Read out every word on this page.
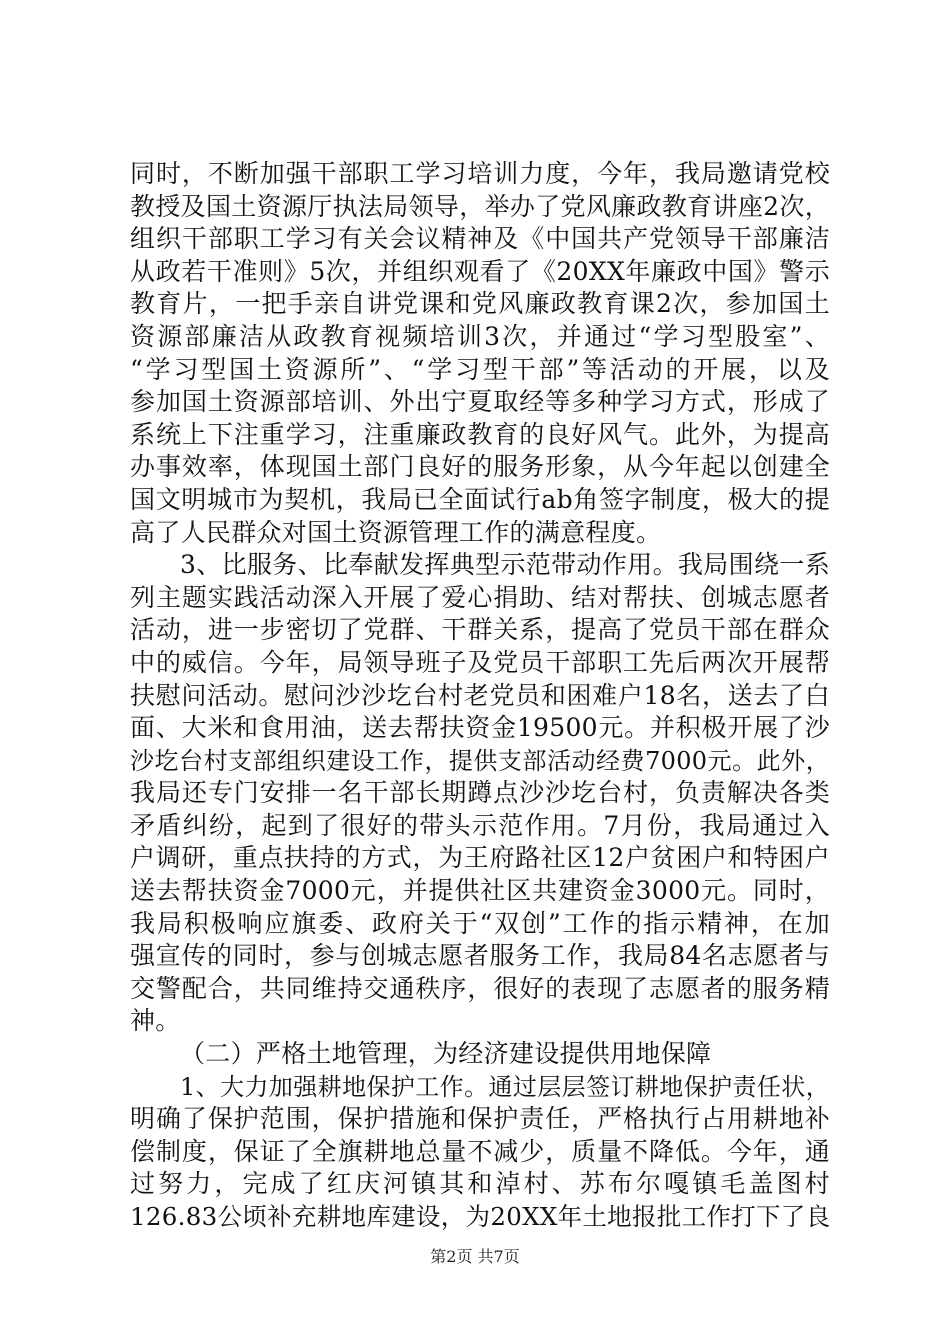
同时，不断加强干部职工学习培训力度，今年，我局邀请党校
教授及国土资源厅执法局领导，举办了党风廉政教育讲座2次，
组织干部职工学习有关会议精神及《中国共产党领导干部廉洁
从政若干准则》5次，并组织观看了《20XX年廉政中国》警示
教育片，一把手亲自讲党课和党风廉政教育课2次，参加国土
资源部廉洁从政教育视频培训3次，并通过“学习型股室”、
“学习型国土资源所”、“学习型干部”等活动的开展，以及
参加国土资源部培训、外出宁夏取经等多种学习方式，形成了
系统上下注重学习，注重廉政教育的良好风气。此外，为提高
办事效率，体现国土部门良好的服务形象，从今年起以创建全
国文明城市为契机，我局已全面试行ab角签字制度，极大的提
高了人民群众对国土资源管理工作的满意程度。
3、比服务、比奉献发挥典型示范带动作用。我局围绕一系
列主题实践活动深入开展了爱心捐助、结对帮扶、创城志愿者
活动，进一步密切了党群、干群关系，提高了党员干部在群众
中的威信。今年，局领导班子及党员干部职工先后两次开展帮
扶慰问活动。慰问沙沙圪台村老党员和困难户18名，送去了白
面、大米和食用油，送去帮扶资金19500元。并积极开展了沙
沙圪台村支部组织建设工作，提供支部活动经费7000元。此外，
我局还专门安排一名干部长期蹲点沙沙圪台村，负责解决各类
矛盾纠纷，起到了很好的带头示范作用。7月份，我局通过入
户调研，重点扶持的方式，为王府路社区12户贫困户和特困户
送去帮扶资金7000元，并提供社区共建资金3000元。同时，
我局积极响应旗委、政府关于“双创”工作的指示精神，在加
强宣传的同时，参与创城志愿者服务工作，我局84名志愿者与
交警配合，共同维持交通秩序，很好的表现了志愿者的服务精
神。
（二）严格土地管理，为经济建设提供用地保障
1、大力加强耕地保护工作。通过层层签订耕地保护责任状，
明确了保护范围，保护措施和保护责任，严格执行占用耕地补
偿制度，保证了全旗耕地总量不减少，质量不降低。今年，通
过努力，完成了红庆河镇其和淖村、苏布尔嘎镇毛盖图村
126.83公顷补充耕地库建设，为20XX年土地报批工作打下了良
第2页 共7页
